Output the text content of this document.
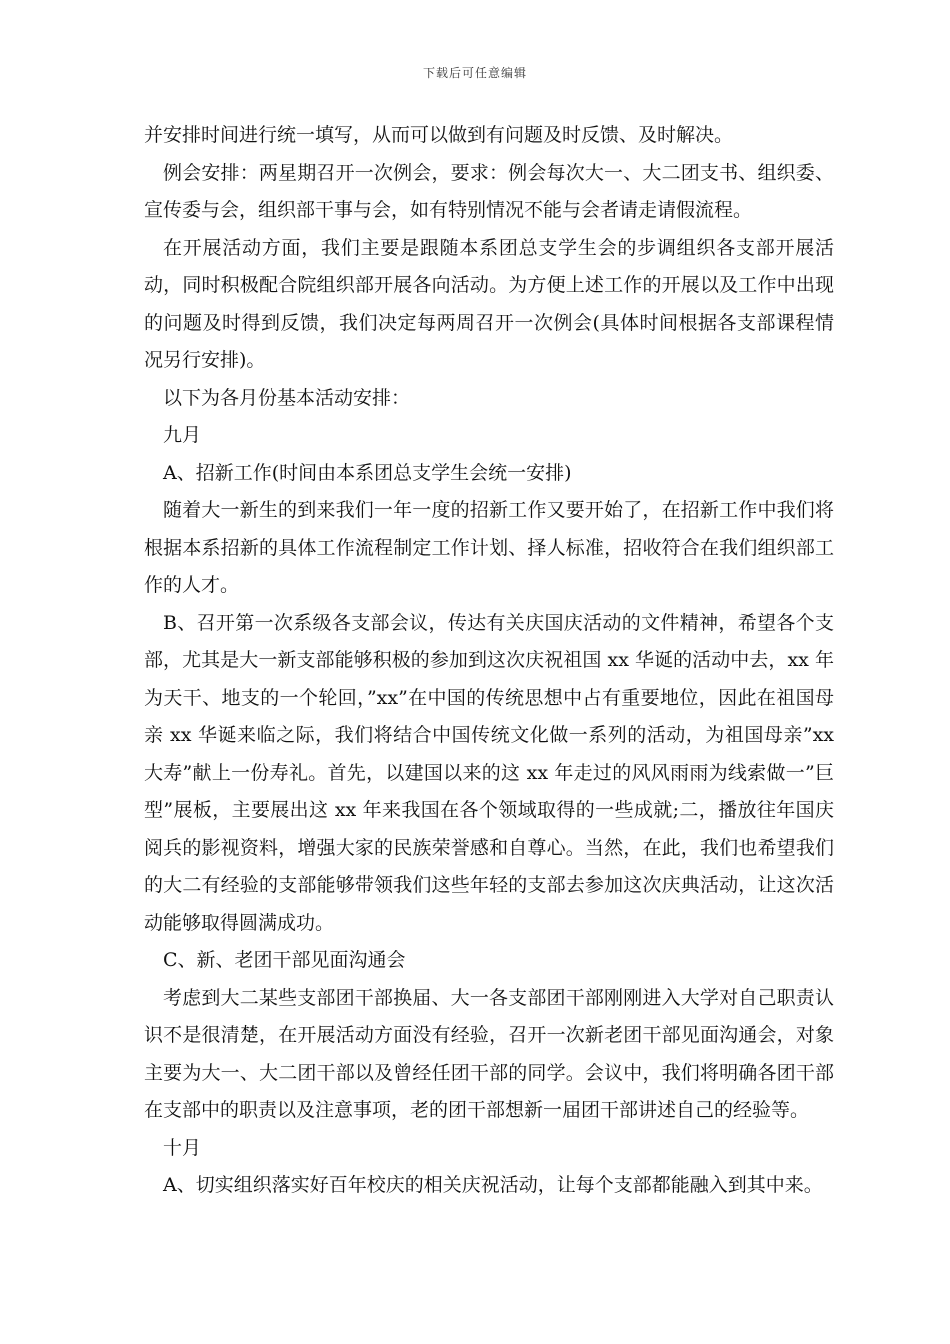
下载后可任意编辑

并安排时间进行统一填写，从而可以做到有问题及时反馈、及时解决。

例会安排：两星期召开一次例会，要求：例会每次大一、大二团支书、组织委、宣传委与会，组织部干事与会，如有特别情况不能与会者请走请假流程。

在开展活动方面，我们主要是跟随本系团总支学生会的步调组织各支部开展活动，同时积极配合院组织部开展各向活动。为方便上述工作的开展以及工作中出现的问题及时得到反馈，我们决定每两周召开一次例会(具体时间根据各支部课程情况另行安排)。

以下为各月份基本活动安排：

九月

A、招新工作(时间由本系团总支学生会统一安排)

随着大一新生的到来我们一年一度的招新工作又要开始了，在招新工作中我们将根据本系招新的具体工作流程制定工作计划、择人标准，招收符合在我们组织部工作的人才。

B、召开第一次系级各支部会议，传达有关庆国庆活动的文件精神，希望各个支部，尤其是大一新支部能够积极的参加到这次庆祝祖国 xx 华诞的活动中去，xx 年为天干、地支的一个轮回，”xx”在中国的传统思想中占有重要地位，因此在祖国母亲 xx 华诞来临之际，我们将结合中国传统文化做一系列的活动，为祖国母亲”xx 大寿”献上一份寿礼。首先，以建国以来的这 xx 年走过的风风雨雨为线索做一”巨型”展板，主要展出这 xx 年来我国在各个领域取得的一些成就;二，播放往年国庆阅兵的影视资料，增强大家的民族荣誉感和自尊心。当然，在此，我们也希望我们的大二有经验的支部能够带领我们这些年轻的支部去参加这次庆典活动，让这次活动能够取得圆满成功。

C、新、老团干部见面沟通会

考虑到大二某些支部团干部换届、大一各支部团干部刚刚进入大学对自己职责认识不是很清楚，在开展活动方面没有经验，召开一次新老团干部见面沟通会，对象主要为大一、大二团干部以及曾经任团干部的同学。会议中，我们将明确各团干部在支部中的职责以及注意事项，老的团干部想新一届团干部讲述自己的经验等。

十月

A、切实组织落实好百年校庆的相关庆祝活动，让每个支部都能融入到其中来。
